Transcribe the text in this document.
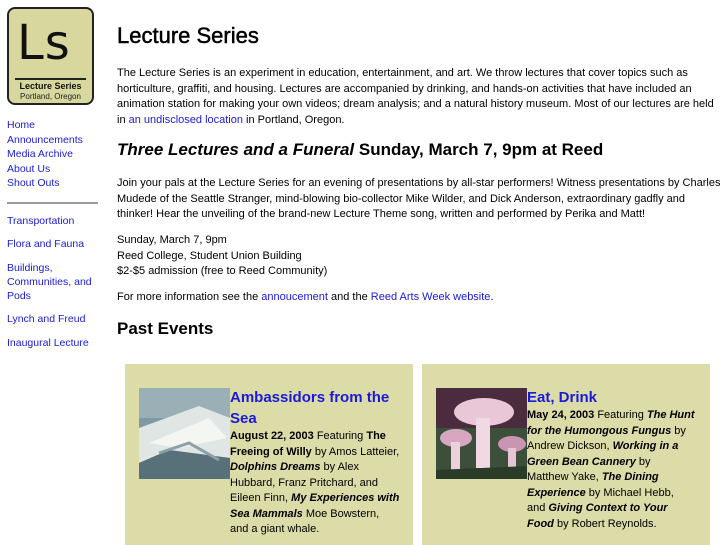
Ls
Lecture Series
Portland, Oregon
Home
Announcements
Media Archive
About Us
Shout Outs
Transportation
Flora and Fauna
Buildings, Communities, and Pods
Lynch and Freud
Inaugural Lecture
Lecture Series

The Lecture Series is an experiment in education, entertainment, and art. We throw lectures that cover topics such as horticulture, graffiti, and housing. Lectures are accompanied by drinking, and hands-on activities that have included an animation station for making your own videos; dream analysis; and a natural history museum. Most of our lectures are held in an undisclosed location in Portland, Oregon.

Three Lectures and a Funeral Sunday, March 7, 9pm at Reed

Join your pals at the Lecture Series for an evening of presentations by all-star performers! Witness presentations by Charles Mudede of the Seattle Stranger, mind-blowing bio-collector Mike Wilder, and Dick Anderson, extraordinary gadfly and thinker! Hear the unveiling of the brand-new Lecture Theme song, written and performed by Perika and Matt!

Sunday, March 7, 9pm
Reed College, Student Union Building
$2-$5 admission (free to Reed Community)

For more information see the annoucement and the Reed Arts Week website.

Past Events
Ambassidors from the Sea
August 22, 2003 Featuring The Freeing of Willy by Amos Latteier, Dolphins Dreams by Alex Hubbard, Franz Pritchard, and Eileen Finn, My Experiences with Sea Mammals Moe Bowstern, and a giant whale.
Eat, Drink
May 24, 2003 Featuring The Hunt for the Humongous Fungus by Andrew Dickson, Working in a Green Bean Cannery by Matthew Yake, The Dining Experience by Michael Hebb, and Giving Context to Your Food by Robert Reynolds.
